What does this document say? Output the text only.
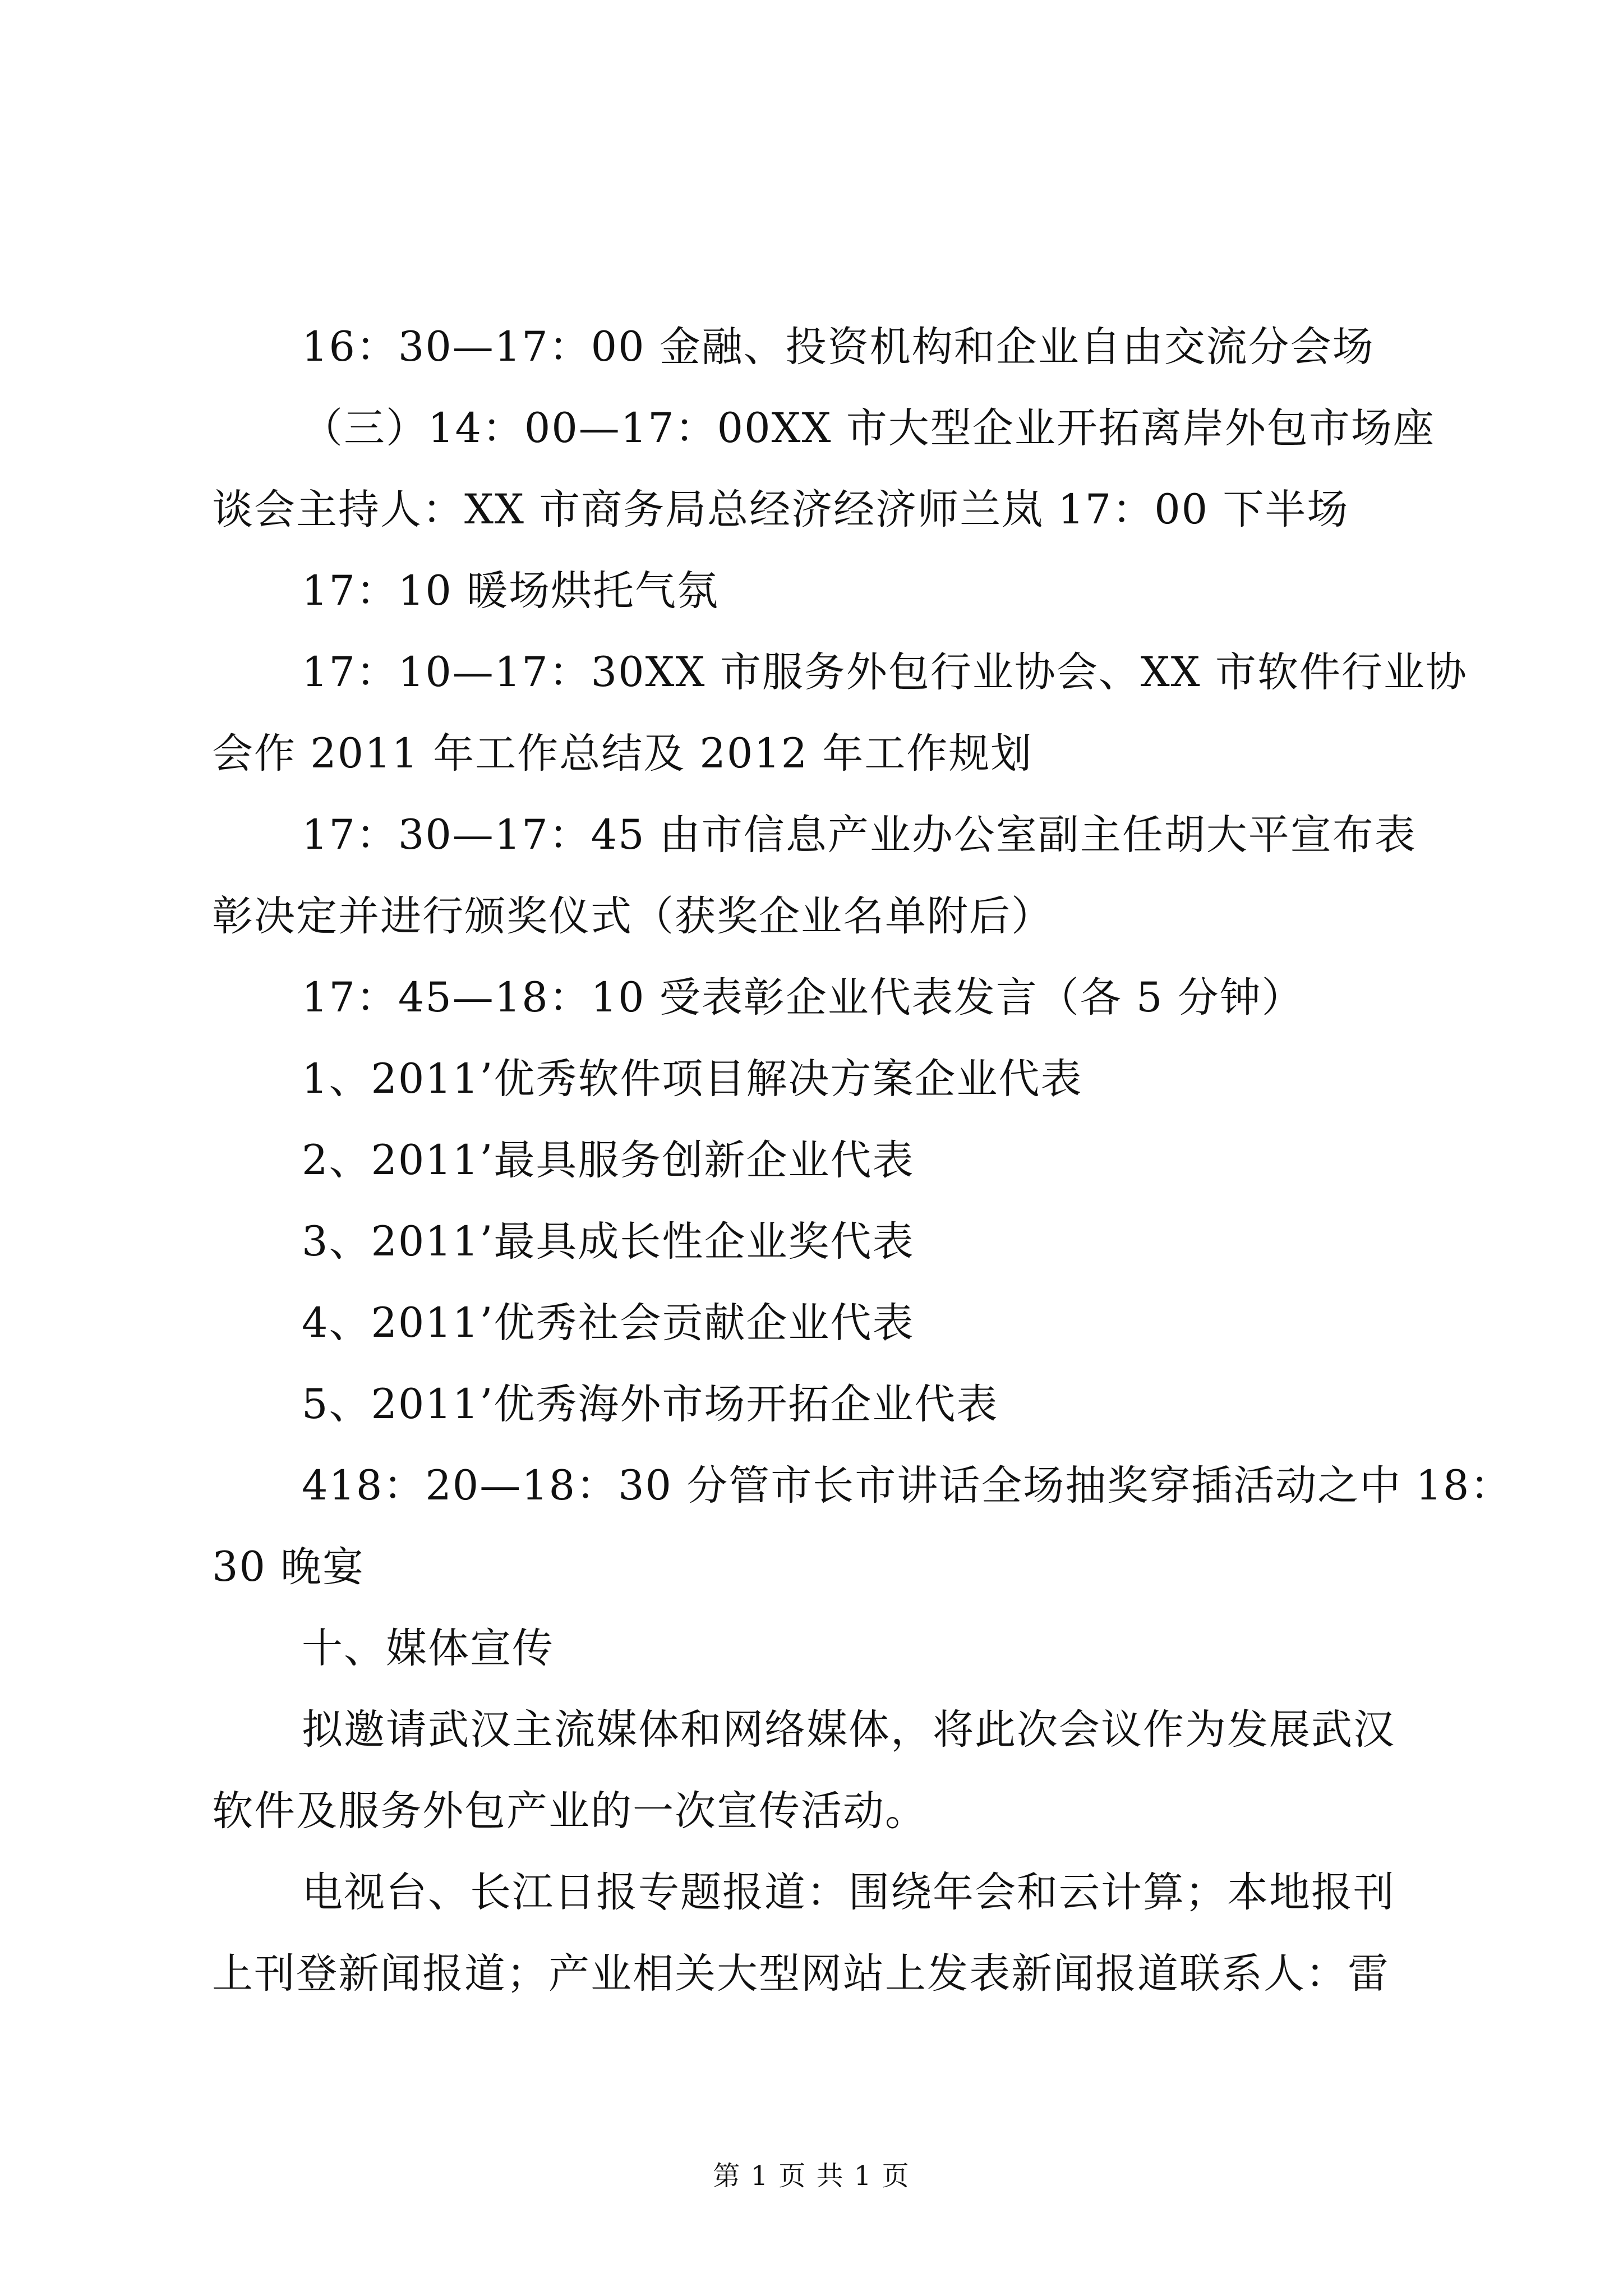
16：30—17：00 金融、投资机构和企业自由交流分会场

（三）14：00—17：00XX 市大型企业开拓离岸外包市场座

谈会主持人：XX 市商务局总经济经济师兰岚 17：00 下半场

17：10 暖场烘托气氛

17：10—17：30XX 市服务外包行业协会、XX 市软件行业协

会作 2011 年工作总结及 2012 年工作规划

17：30—17：45 由市信息产业办公室副主任胡大平宣布表

彰决定并进行颁奖仪式（获奖企业名单附后）

17：45—18：10 受表彰企业代表发言（各 5 分钟）

1、2011’优秀软件项目解决方案企业代表

2、2011’最具服务创新企业代表

3、2011’最具成长性企业奖代表

4、2011’优秀社会贡献企业代表

5、2011’优秀海外市场开拓企业代表

418：20—18：30 分管市长市讲话全场抽奖穿插活动之中 18：

30 晚宴

十、媒体宣传

拟邀请武汉主流媒体和网络媒体，将此次会议作为发展武汉

软件及服务外包产业的一次宣传活动。

电视台、长江日报专题报道：围绕年会和云计算；本地报刊

上刊登新闻报道；产业相关大型网站上发表新闻报道联系人：雷

第 1 页 共 1 页
